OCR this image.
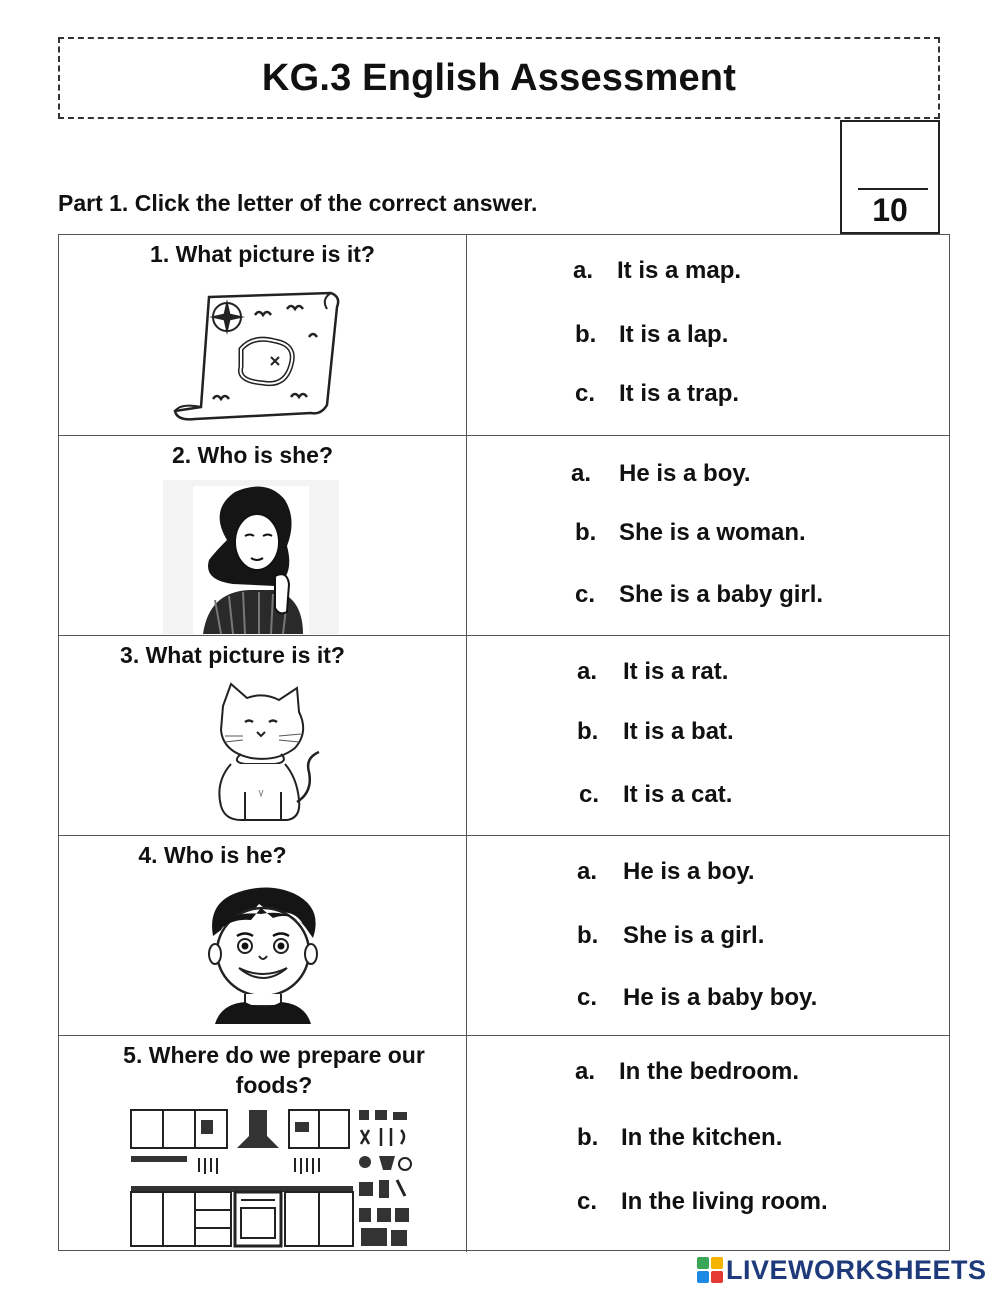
KG.3 English Assessment
10
Part 1. Click the letter of the correct answer.
1. What picture is it?
a. It is a map.
b. It is a lap.
c. It is a trap.
2. Who is she?
a. He is a boy.
b. She is a woman.
c. She is a baby girl.
3. What picture is it?
a. It is a rat.
b. It is a bat.
c. It is a cat.
4. Who is he?
a. He is a boy.
b. She is a girl.
c. He is a baby boy.
5. Where do we prepare our foods?	a. In the bedroom.
b. In the kitchen.
c. In the living room.
LIVEWORKSHEETS
